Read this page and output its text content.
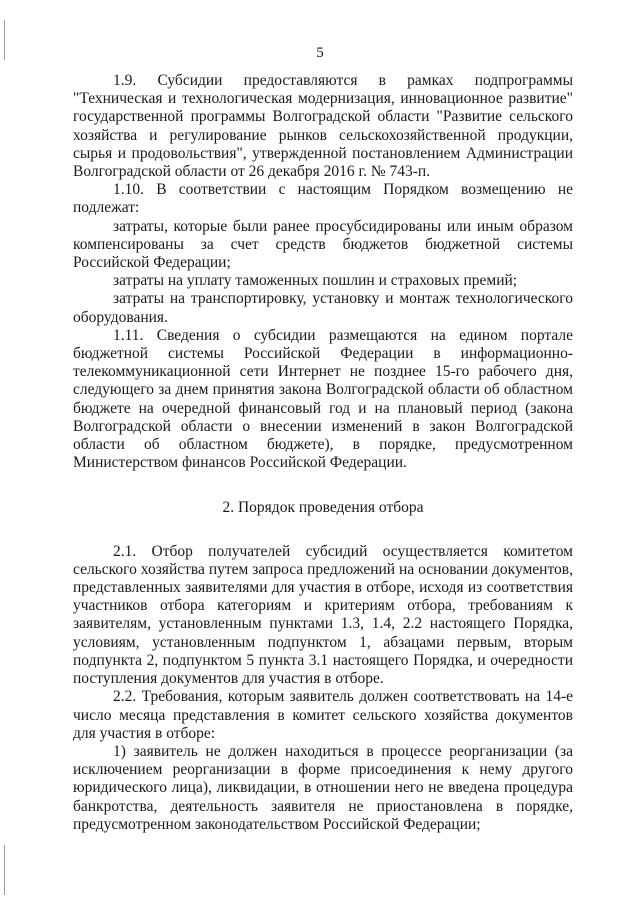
5

1.9. Субсидии предоставляются в рамках подпрограммы "Техническая и технологическая модернизация, инновационное развитие" государственной программы Волгоградской области "Развитие сельского хозяйства и регулирование рынков сельскохозяйственной продукции, сырья и продовольствия", утвержденной постановлением Администрации Волгоградской области от 26 декабря 2016 г. № 743-п.

1.10. В соответствии с настоящим Порядком возмещению не подлежат:

затраты, которые были ранее просубсидированы или иным образом компенсированы за счет средств бюджетов бюджетной системы Российской Федерации;

затраты на уплату таможенных пошлин и страховых премий;

затраты на транспортировку, установку и монтаж технологического оборудования.

1.11. Сведения о субсидии размещаются на едином портале бюджетной системы Российской Федерации в информационно-телекоммуникационной сети Интернет не позднее 15-го рабочего дня, следующего за днем принятия закона Волгоградской области об областном бюджете на очередной финансовый год и на плановый период (закона Волгоградской области о внесении изменений в закон Волгоградской области об областном бюджете), в порядке, предусмотренном Министерством финансов Российской Федерации.

2. Порядок проведения отбора

2.1. Отбор получателей субсидий осуществляется комитетом сельского хозяйства путем запроса предложений на основании документов, представленных заявителями для участия в отборе, исходя из соответствия участников отбора категориям и критериям отбора, требованиям к заявителям, установленным пунктами 1.3, 1.4, 2.2 настоящего Порядка, условиям, установленным подпунктом 1, абзацами первым, вторым подпункта 2, подпунктом 5 пункта 3.1 настоящего Порядка, и очередности поступления документов для участия в отборе.

2.2. Требования, которым заявитель должен соответствовать на 14-е число месяца представления в комитет сельского хозяйства документов для участия в отборе:

1) заявитель не должен находиться в процессе реорганизации (за исключением реорганизации в форме присоединения к нему другого юридического лица), ликвидации, в отношении него не введена процедура банкротства, деятельность заявителя не приостановлена в порядке, предусмотренном законодательством Российской Федерации;
